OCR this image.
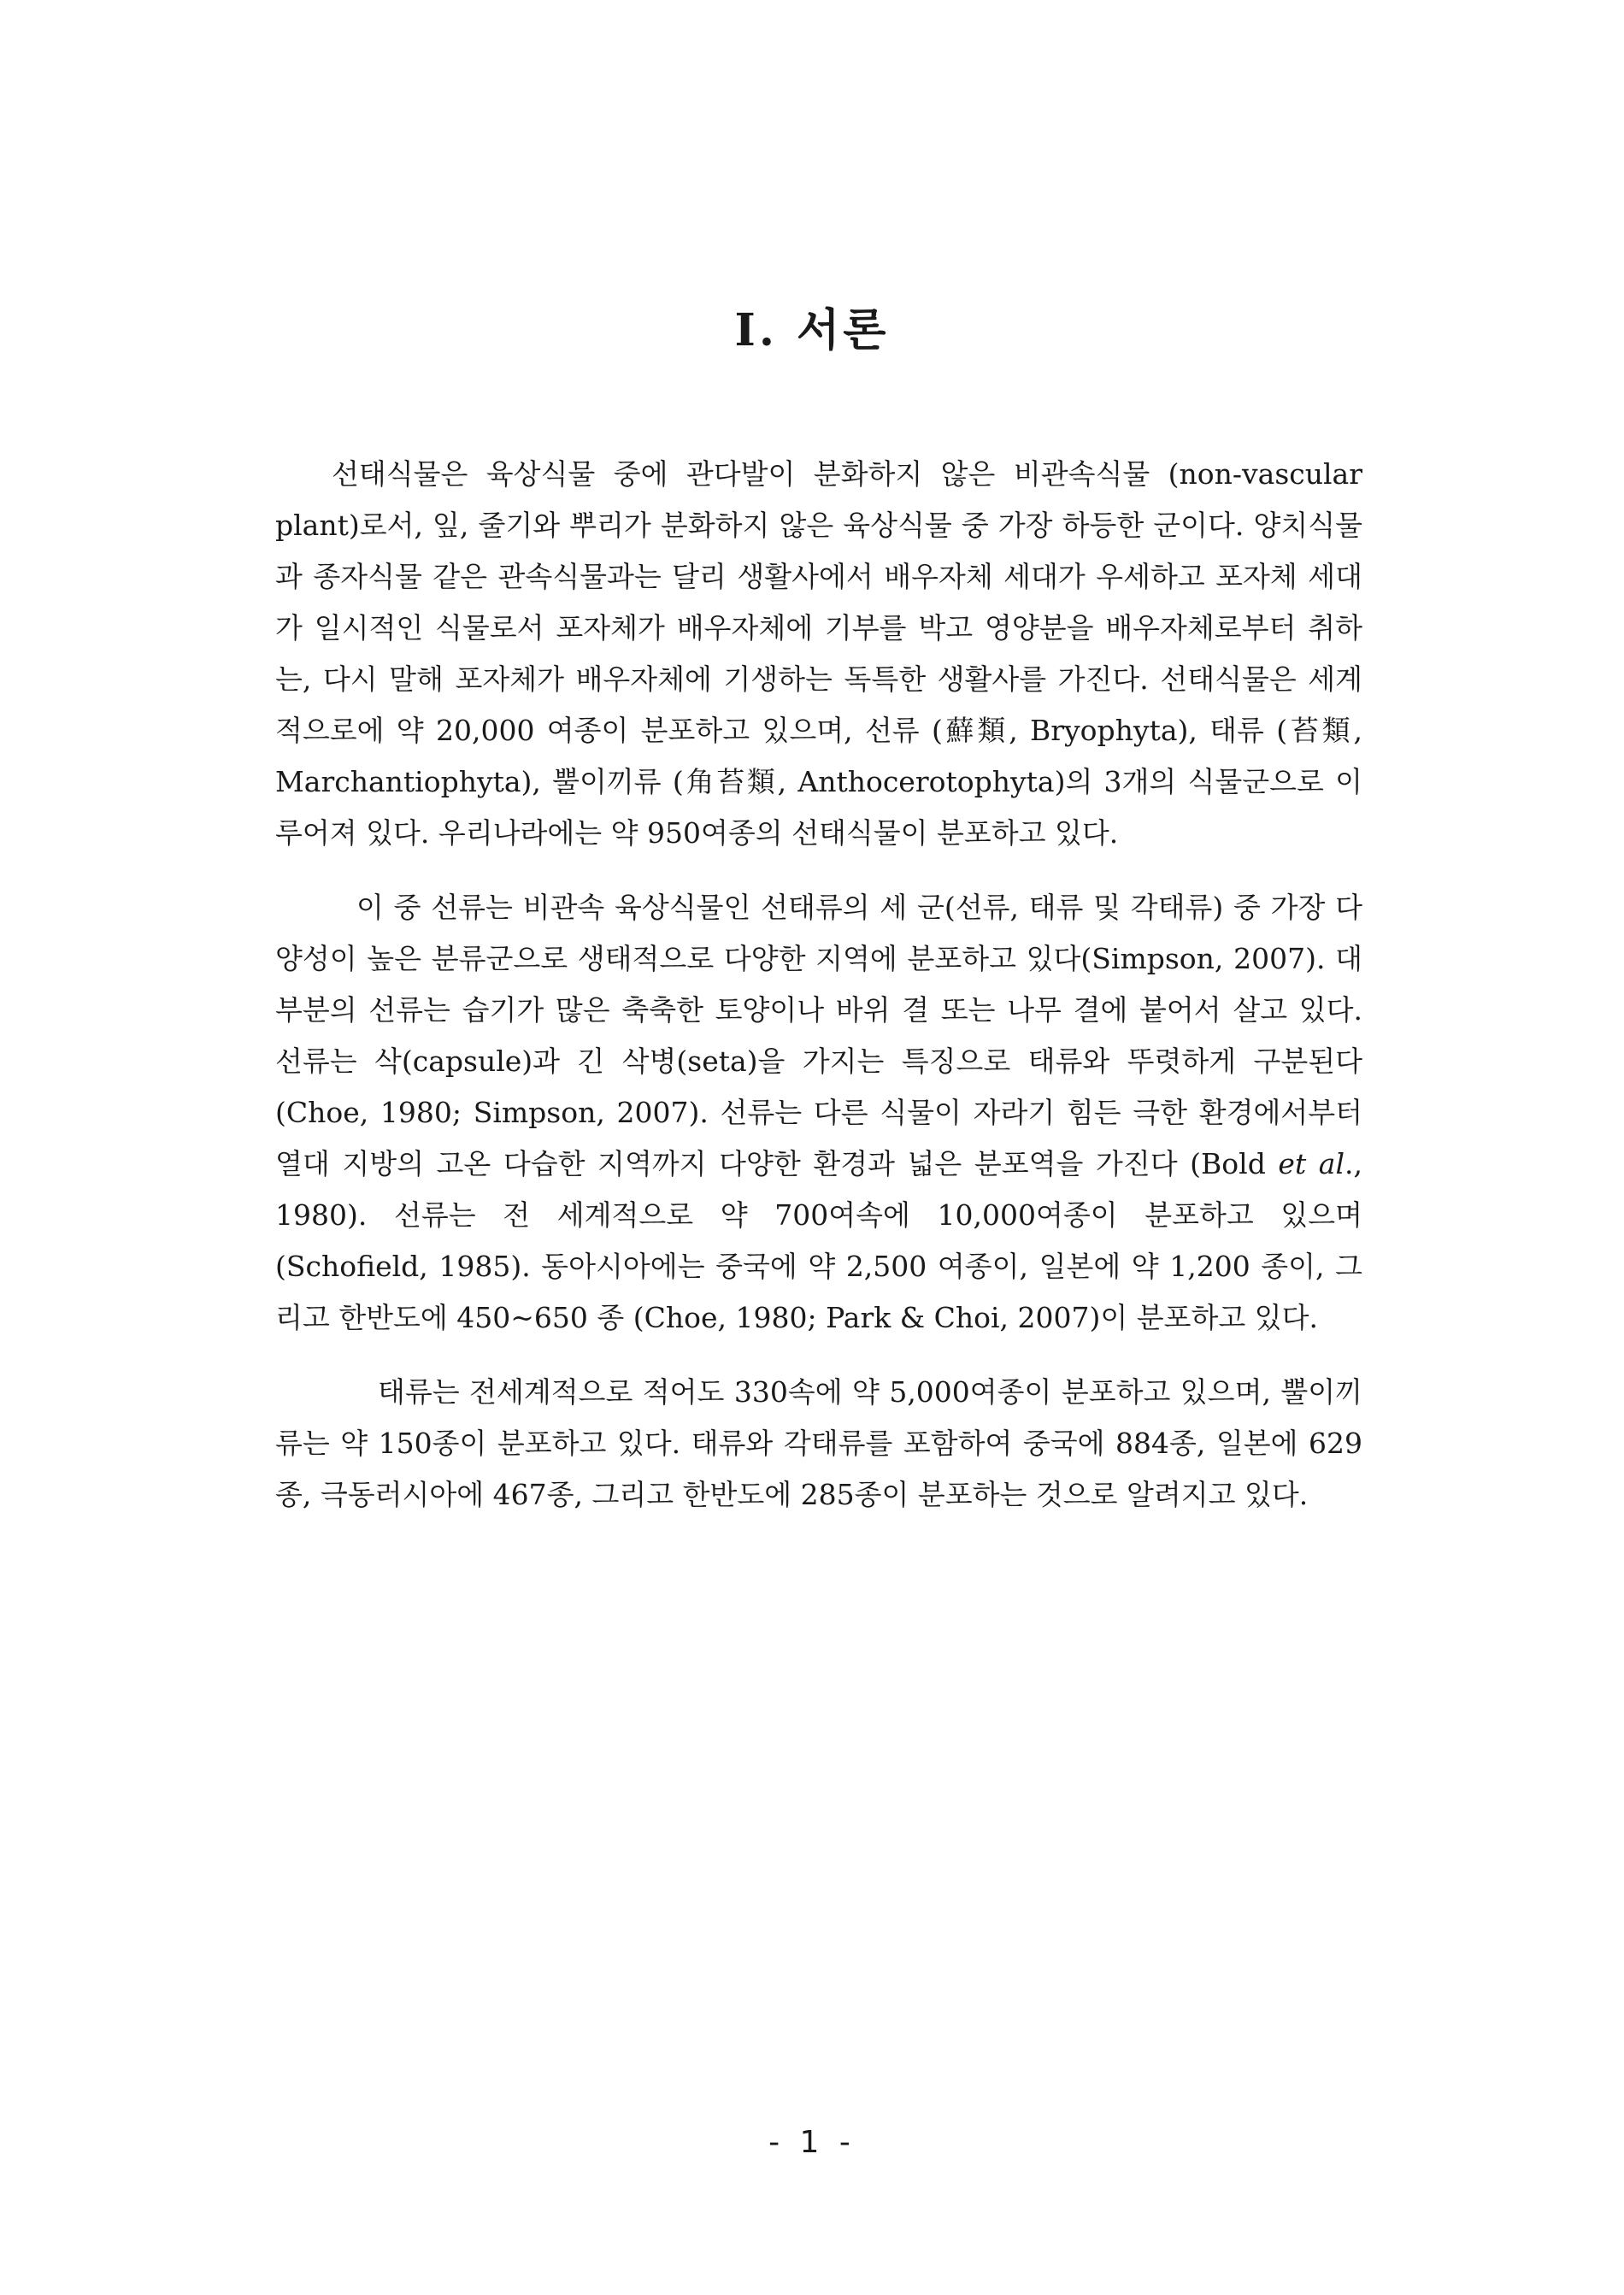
Ⅰ. 서론

선태식물은 육상식물 중에 관다발이 분화하지 않은 비관속식물 (non-vascular plant)로서, 잎, 줄기와 뿌리가 분화하지 않은 육상식물 중 가장 하등한 군이다. 양치식물과 종자식물 같은 관속식물과는 달리 생활사에서 배우자체 세대가 우세하고 포자체 세대가 일시적인 식물로서 포자체가 배우자체에 기부를 박고 영양분을 배우자체로부터 취하는, 다시 말해 포자체가 배우자체에 기생하는 독특한 생활사를 가진다. 선태식물은 세계적으로에 약 20,000 여종이 분포하고 있으며, 선류 (蘚類, Bryophyta), 태류 (苔類, Marchantiophyta), 뿔이끼류 (角苔類, Anthocerotophyta)의 3개의 식물군으로 이루어져 있다. 우리나라에는 약 950여종의 선태식물이 분포하고 있다.

이 중 선류는 비관속 육상식물인 선태류의 세 군(선류, 태류 및 각태류) 중 가장 다양성이 높은 분류군으로 생태적으로 다양한 지역에 분포하고 있다(Simpson, 2007). 대부분의 선류는 습기가 많은 축축한 토양이나 바위 결 또는 나무 결에 붙어서 살고 있다. 선류는 삭(capsule)과 긴 삭병(seta)을 가지는 특징으로 태류와 뚜렷하게 구분된다(Choe, 1980; Simpson, 2007). 선류는 다른 식물이 자라기 힘든 극한 환경에서부터 열대 지방의 고온 다습한 지역까지 다양한 환경과 넓은 분포역을 가진다 (Bold et al., 1980). 선류는 전 세계적으로 약 700여속에 10,000여종이 분포하고 있으며(Schofield, 1985). 동아시아에는 중국에 약 2,500 여종이, 일본에 약 1,200 종이, 그리고 한반도에 450~650 종 (Choe, 1980; Park & Choi, 2007)이 분포하고 있다.

태류는 전세계적으로 적어도 330속에 약 5,000여종이 분포하고 있으며, 뿔이끼류는 약 150종이 분포하고 있다. 태류와 각태류를 포함하여 중국에 884종, 일본에 629종, 극동러시아에 467종, 그리고 한반도에 285종이 분포하는 것으로 알려지고 있다.

- 1 -
